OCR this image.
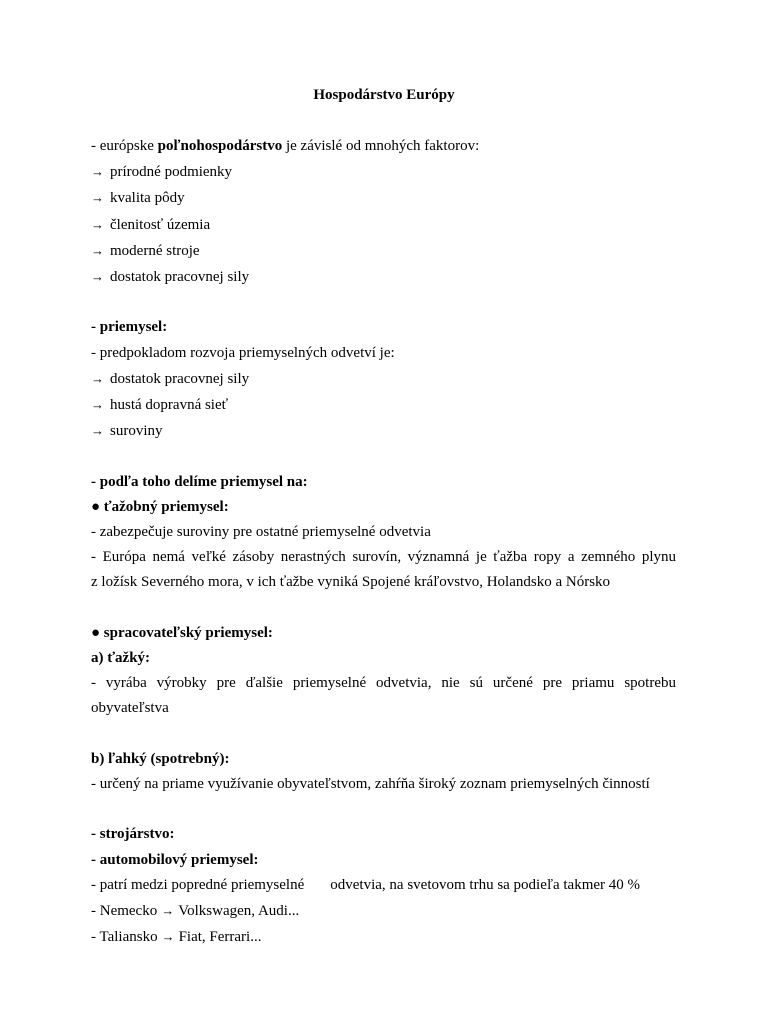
Hospodárstvo Európy
- európske poľnohospodárstvo je závislé od mnohých faktorov:
→ prírodné podmienky
→ kvalita pôdy
→ členitosť územia
→ moderné stroje
→ dostatok pracovnej sily
- priemysel:
- predpokladom rozvoja priemyselných odvetví je:
→ dostatok pracovnej sily
→ hustá dopravná sieť
→ suroviny
- podľa toho delíme priemysel na:
● ťažobný priemysel:
- zabezpečuje suroviny pre ostatné priemyselné odvetvia
- Európa nemá veľké zásoby nerastných surovín, významná je ťažba ropy a zemného plynu
z ložísk Severného mora, v ich ťažbe vyniká Spojené kráľovstvo, Holandsko a Nórsko
● spracovateľský priemysel:
a) ťažký:
- vyrába výrobky pre ďalšie priemyselné odvetvia, nie sú určené pre priamu spotrebu
obyvateľstva
b) ľahký (spotrebný):
- určený na priame využívanie obyvateľstvom, zahŕňa široký zoznam priemyselných činností
- strojárstvo:
- automobilový priemysel:
- patrí medzi popredné priemyselné odvetvia, na svetovom trhu sa podieľa takmer 40 %
- Nemecko → Volkswagen, Audi...
- Taliansko → Fiat, Ferrari...
